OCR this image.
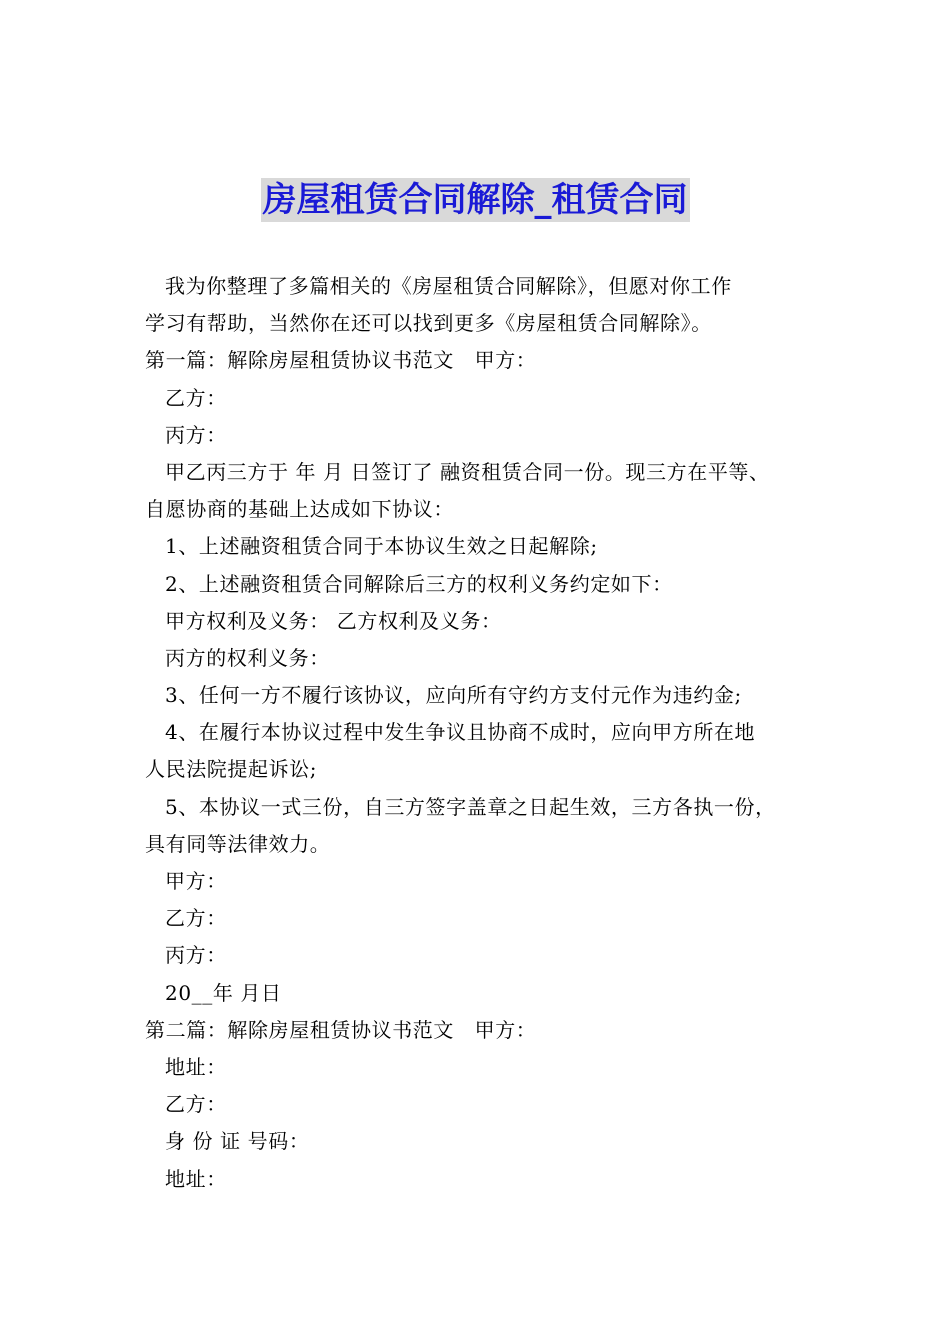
房屋租赁合同解除_租赁合同
我为你整理了多篇相关的《房屋租赁合同解除》，但愿对你工作
学习有帮助，当然你在还可以找到更多《房屋租赁合同解除》。
第一篇：解除房屋租赁协议书范文　甲方：
乙方：
丙方：
甲乙丙三方于 年 月 日签订了 融资租赁合同一份。现三方在平等、
自愿协商的基础上达成如下协议：
1、上述融资租赁合同于本协议生效之日起解除;
2、上述融资租赁合同解除后三方的权利义务约定如下：
甲方权利及义务： 乙方权利及义务：
丙方的权利义务：
3、任何一方不履行该协议，应向所有守约方支付元作为违约金;
4、在履行本协议过程中发生争议且协商不成时，应向甲方所在地
人民法院提起诉讼;
5、本协议一式三份，自三方签字盖章之日起生效，三方各执一份，
具有同等法律效力。
甲方：
乙方：
丙方：
20__年 月日
第二篇：解除房屋租赁协议书范文　甲方：
地址：
乙方：
身 份 证 号码：
地址：
